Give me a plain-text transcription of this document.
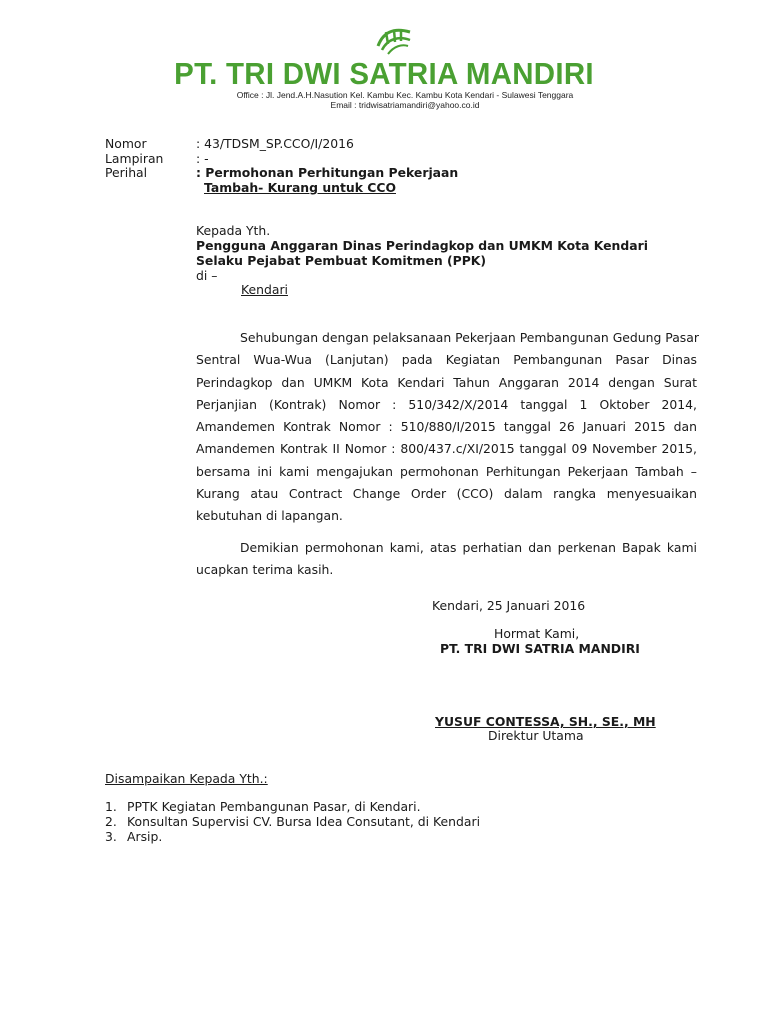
PT. TRI DWI SATRIA MANDIRI
Office : Jl. Jend.A.H.Nasution Kel. Kambu Kec. Kambu Kota Kendari - Sulawesi Tenggara
Email : tridwisatriamandiri@yahoo.co.id
Nomor	: 43/TDSM_SP.CCO/I/2016
Lampiran	: -
Perihal	: Permohonan Perhitungan Pekerjaan
Tambah- Kurang untuk CCO
Kepada Yth.
Pengguna Anggaran Dinas Perindagkop dan UMKM Kota Kendari
Selaku Pejabat Pembuat Komitmen (PPK)
di –
Kendari
Sehubungan dengan pelaksanaan Pekerjaan Pembangunan Gedung Pasar
Sentral Wua-Wua (Lanjutan) pada Kegiatan Pembangunan Pasar Dinas
Perindagkop dan UMKM Kota Kendari Tahun Anggaran 2014 dengan Surat
Perjanjian (Kontrak) Nomor : 510/342/X/2014 tanggal 1 Oktober 2014,
Amandemen Kontrak Nomor : 510/880/I/2015 tanggal 26 Januari 2015 dan
Amandemen Kontrak II Nomor : 800/437.c/XI/2015 tanggal 09 November 2015,
bersama ini kami mengajukan permohonan Perhitungan Pekerjaan Tambah –
Kurang atau Contract Change Order (CCO) dalam rangka menyesuaikan
kebutuhan di lapangan.
Demikian permohonan kami, atas perhatian dan perkenan Bapak kami
ucapkan terima kasih.
Kendari, 25 Januari 2016
Hormat Kami,
PT. TRI DWI SATRIA MANDIRI
YUSUF CONTESSA, SH., SE., MH
Direktur Utama
Disampaikan Kepada Yth.:
1. PPTK Kegiatan Pembangunan Pasar, di Kendari.
2. Konsultan Supervisi CV. Bursa Idea Consutant, di Kendari
3. Arsip.
